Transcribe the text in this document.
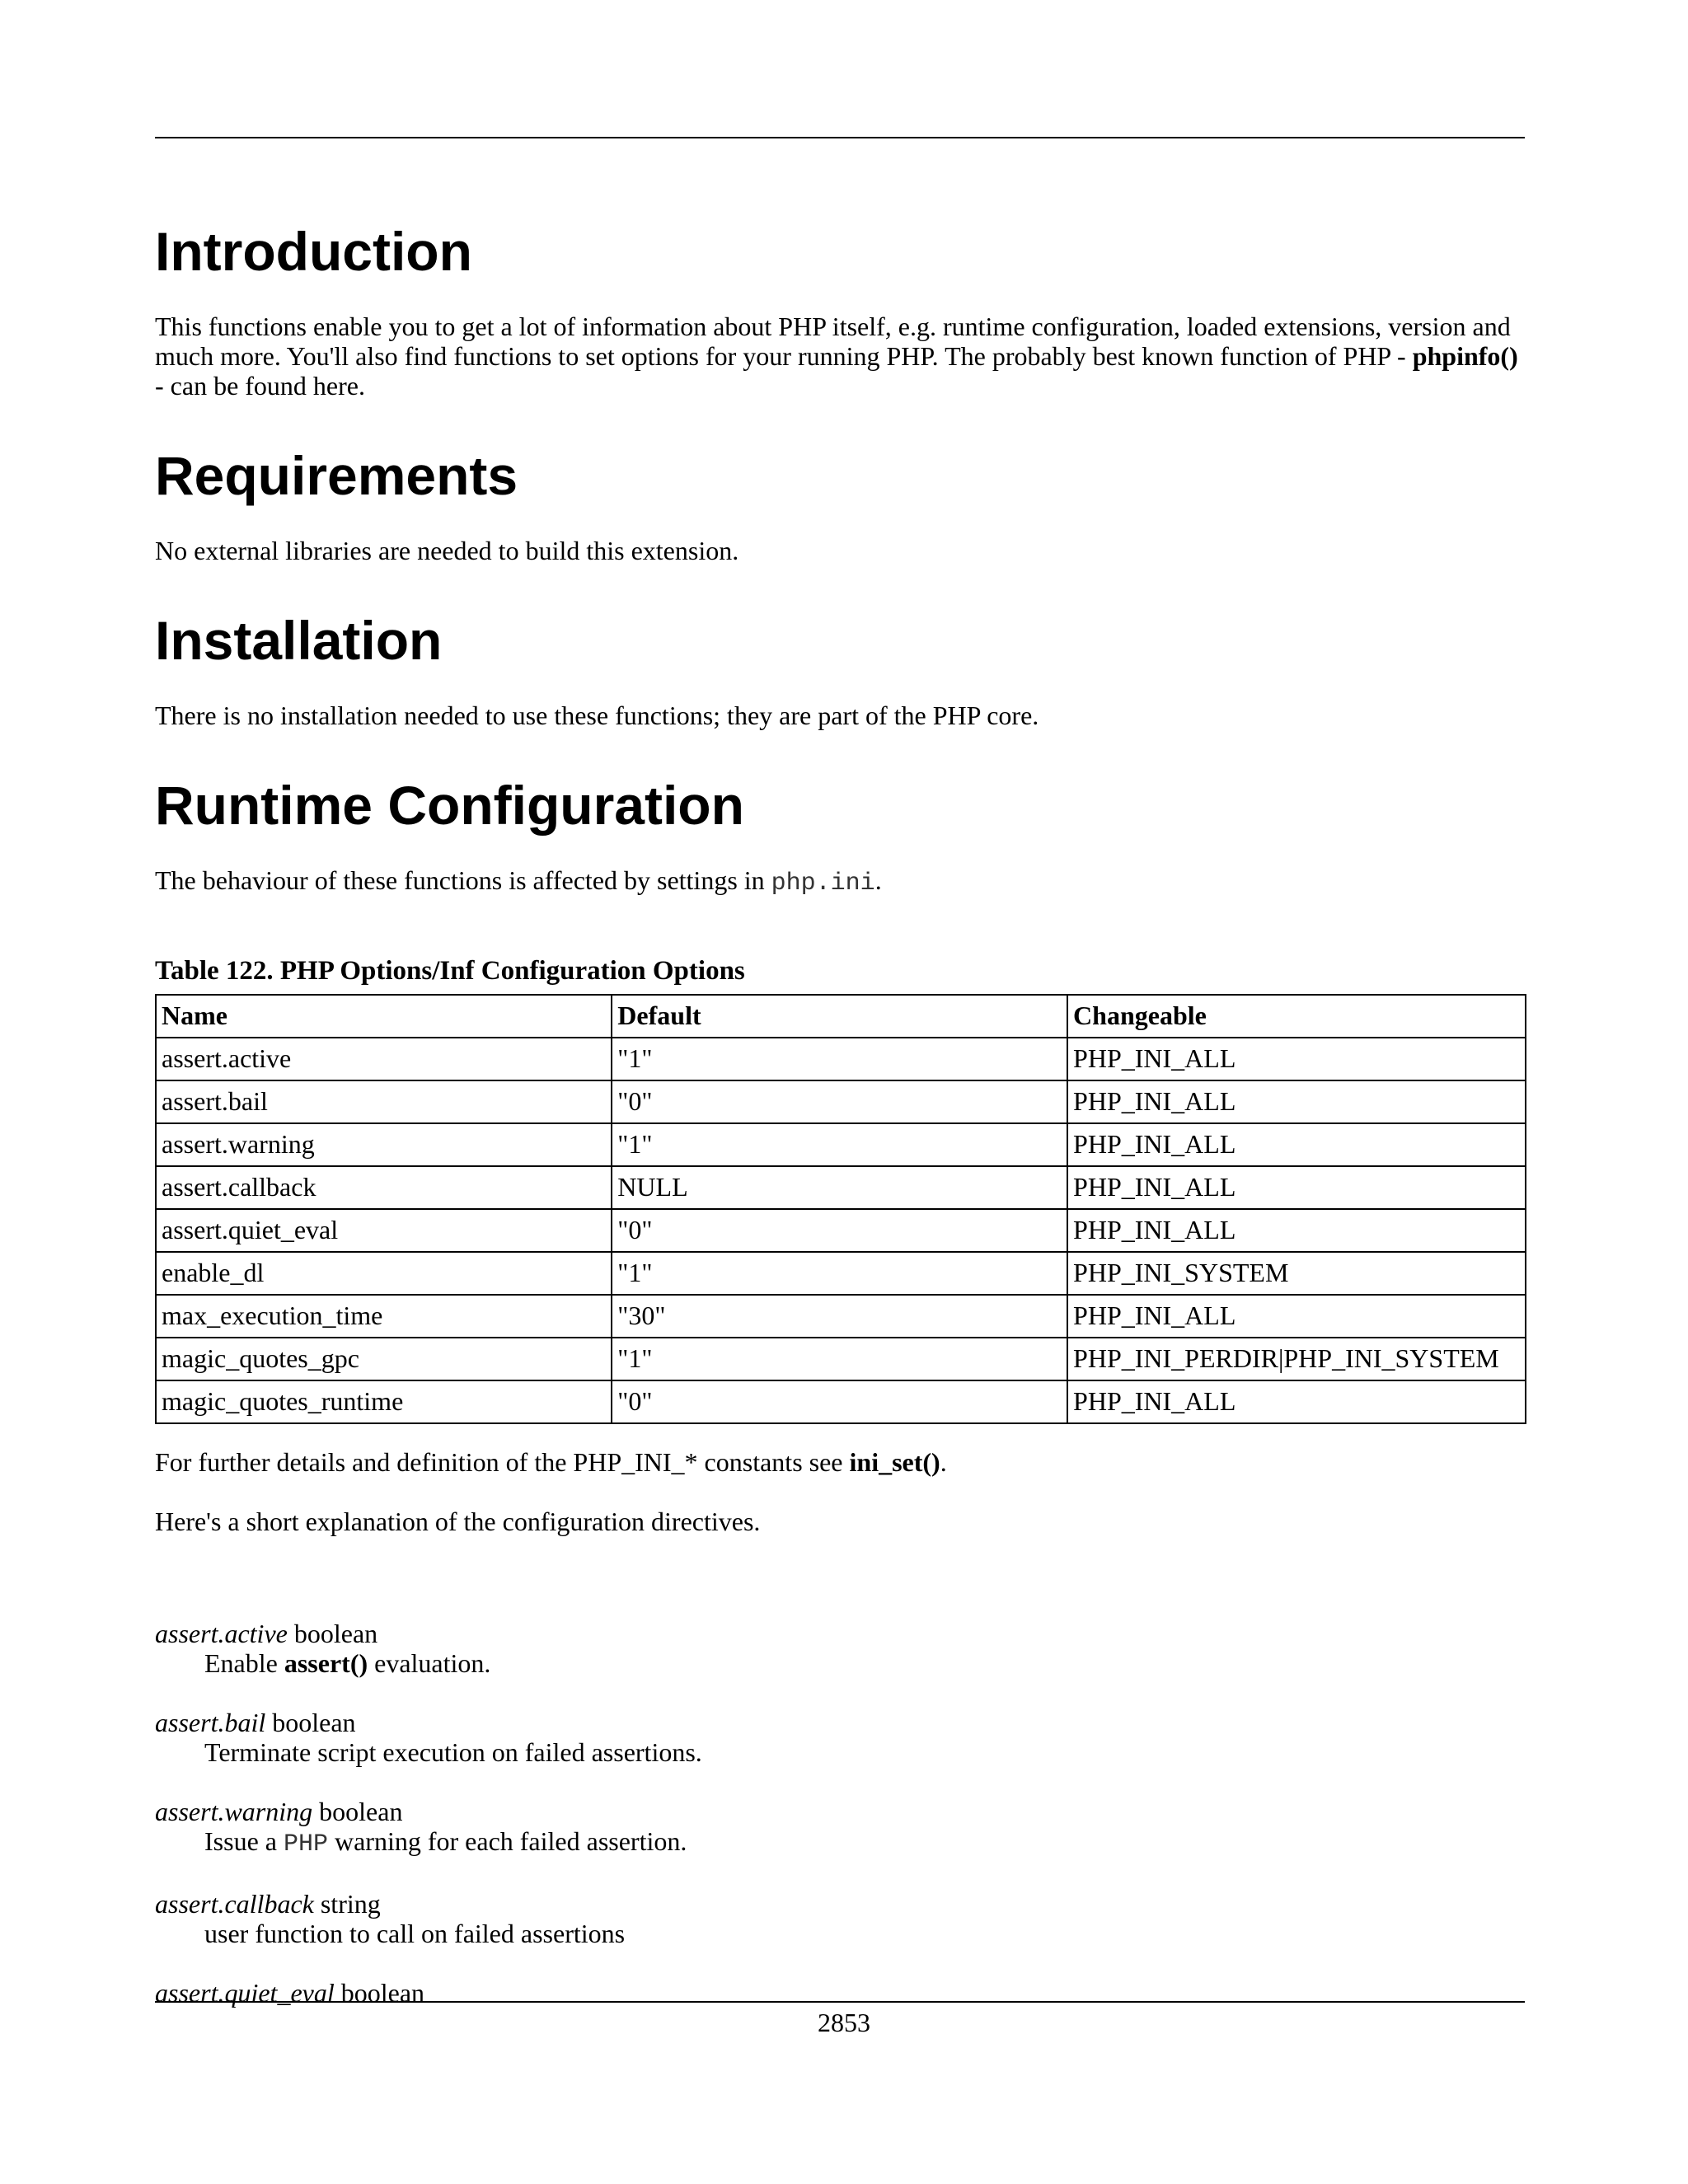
Introduction

This functions enable you to get a lot of information about PHP itself, e.g. runtime configuration, loaded extensions, version and much more. You'll also find functions to set options for your running PHP. The probably best known function of PHP - phpinfo() - can be found here.

Requirements

No external libraries are needed to build this extension.

Installation

There is no installation needed to use these functions; they are part of the PHP core.

Runtime Configuration

The behaviour of these functions is affected by settings in php.ini.

Table 122. PHP Options/Inf Configuration Options
Name	Default	Changeable
assert.active	"1"	PHP_INI_ALL
assert.bail	"0"	PHP_INI_ALL
assert.warning	"1"	PHP_INI_ALL
assert.callback	NULL	PHP_INI_ALL
assert.quiet_eval	"0"	PHP_INI_ALL
enable_dl	"1"	PHP_INI_SYSTEM
max_execution_time	"30"	PHP_INI_ALL
magic_quotes_gpc	"1"	PHP_INI_PERDIR|PHP_INI_SYSTEM
magic_quotes_runtime	"0"	PHP_INI_ALL

For further details and definition of the PHP_INI_* constants see ini_set().

Here's a short explanation of the configuration directives.

assert.active boolean
Enable assert() evaluation.
assert.bail boolean
Terminate script execution on failed assertions.
assert.warning boolean
Issue a PHP warning for each failed assertion.
assert.callback string
user function to call on failed assertions
assert.quiet_eval boolean
2853
